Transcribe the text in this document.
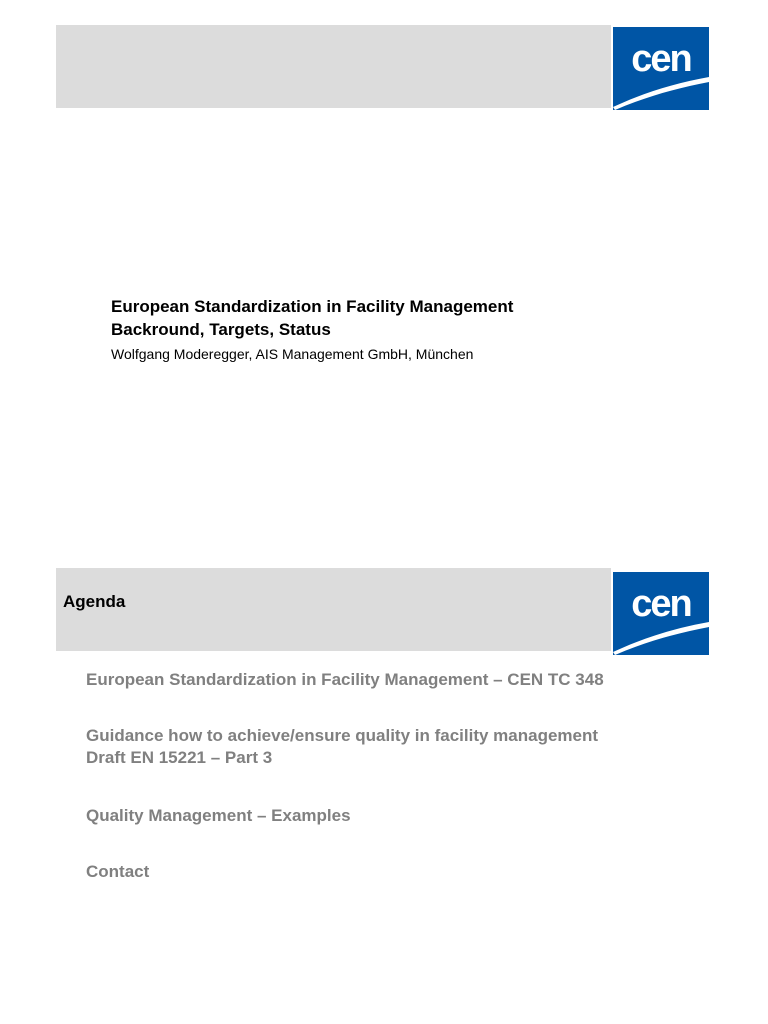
cen
European Standardization in Facility Management
Backround, Targets, Status
Wolfgang Moderegger, AIS Management GmbH, München
Agenda	cen
European Standardization in Facility Management – CEN TC 348
Guidance how to achieve/ensure quality in facility management
Draft EN 15221 – Part 3
Quality Management – Examples
Contact
